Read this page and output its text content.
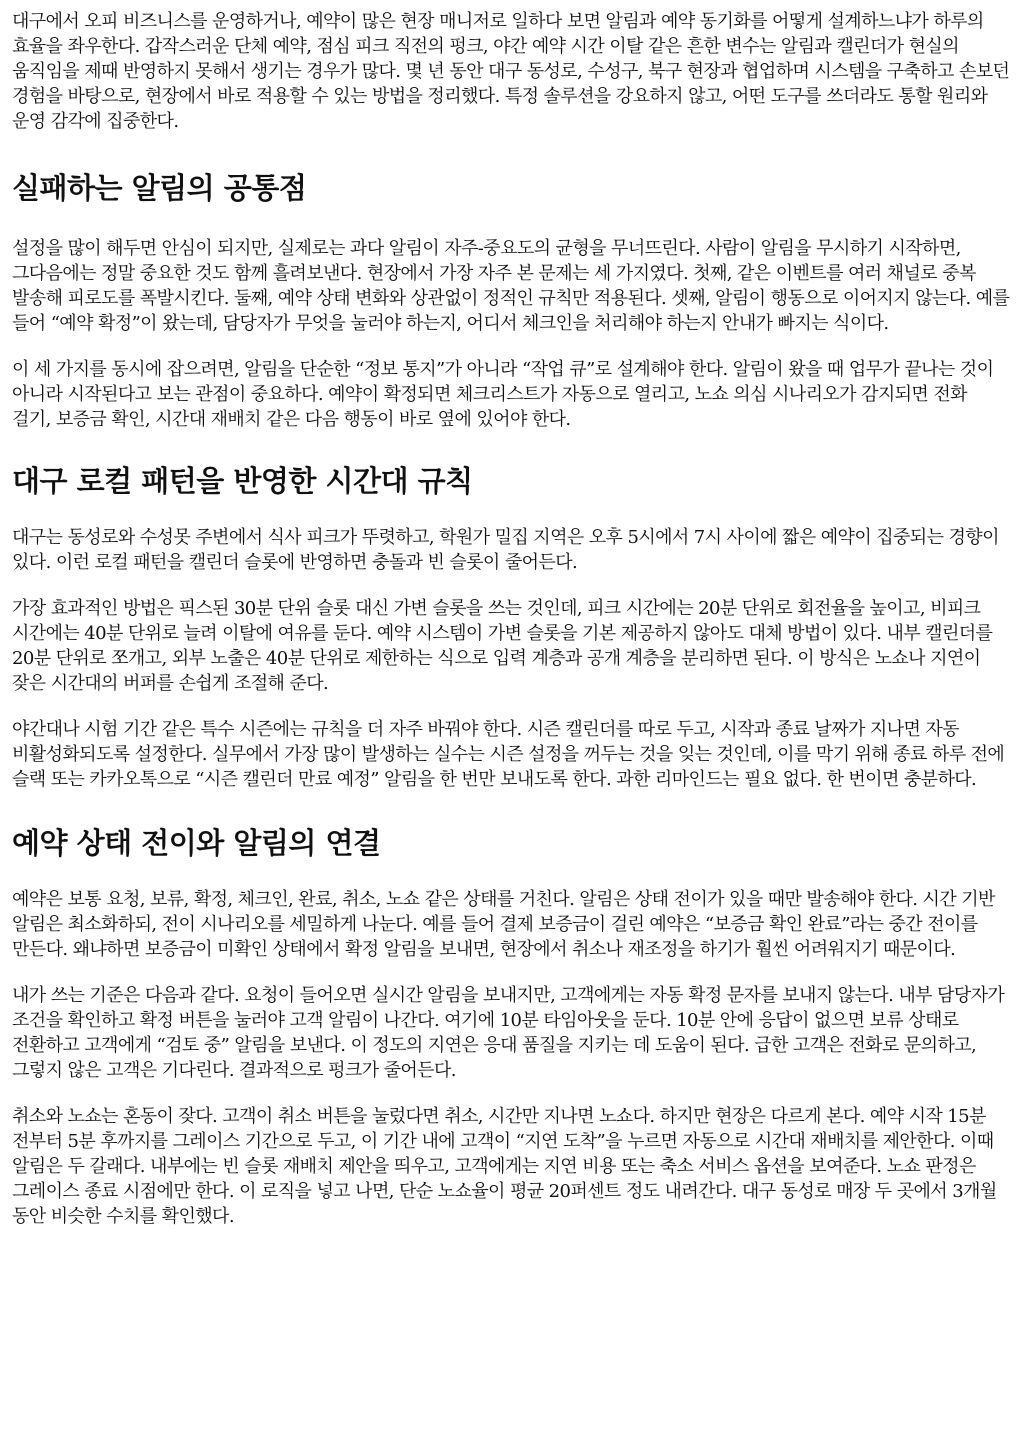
대구에서 오피 비즈니스를 운영하거나, 예약이 많은 현장 매니저로 일하다 보면 알림과 예약 동기화를 어떻게 설계하느냐가 하루의 효율을 좌우한다. 갑작스러운 단체 예약, 점심 피크 직전의 펑크, 야간 예약 시간 이탈 같은 흔한 변수는 알림과 캘린더가 현실의 움직임을 제때 반영하지 못해서 생기는 경우가 많다. 몇 년 동안 대구 동성로, 수성구, 북구 현장과 협업하며 시스템을 구축하고 손보던 경험을 바탕으로, 현장에서 바로 적용할 수 있는 방법을 정리했다. 특정 솔루션을 강요하지 않고, 어떤 도구를 쓰더라도 통할 원리와 운영 감각에 집중한다.

실패하는 알림의 공통점

설정을 많이 해두면 안심이 되지만, 실제로는 과다 알림이 자주-중요도의 균형을 무너뜨린다. 사람이 알림을 무시하기 시작하면, 그다음에는 정말 중요한 것도 함께 흘려보낸다. 현장에서 가장 자주 본 문제는 세 가지였다. 첫째, 같은 이벤트를 여러 채널로 중복 발송해 피로도를 폭발시킨다. 둘째, 예약 상태 변화와 상관없이 정적인 규칙만 적용된다. 셋째, 알림이 행동으로 이어지지 않는다. 예를 들어 “예약 확정”이 왔는데, 담당자가 무엇을 눌러야 하는지, 어디서 체크인을 처리해야 하는지 안내가 빠지는 식이다.

이 세 가지를 동시에 잡으려면, 알림을 단순한 “정보 통지”가 아니라 “작업 큐”로 설계해야 한다. 알림이 왔을 때 업무가 끝나는 것이 아니라 시작된다고 보는 관점이 중요하다. 예약이 확정되면 체크리스트가 자동으로 열리고, 노쇼 의심 시나리오가 감지되면 전화 걸기, 보증금 확인, 시간대 재배치 같은 다음 행동이 바로 옆에 있어야 한다.

대구 로컬 패턴을 반영한 시간대 규칙

대구는 동성로와 수성못 주변에서 식사 피크가 뚜렷하고, 학원가 밀집 지역은 오후 5시에서 7시 사이에 짧은 예약이 집중되는 경향이 있다. 이런 로컬 패턴을 캘린더 슬롯에 반영하면 충돌과 빈 슬롯이 줄어든다.

가장 효과적인 방법은 픽스된 30분 단위 슬롯 대신 가변 슬롯을 쓰는 것인데, 피크 시간에는 20분 단위로 회전율을 높이고, 비피크 시간에는 40분 단위로 늘려 이탈에 여유를 둔다. 예약 시스템이 가변 슬롯을 기본 제공하지 않아도 대체 방법이 있다. 내부 캘린더를 20분 단위로 쪼개고, 외부 노출은 40분 단위로 제한하는 식으로 입력 계층과 공개 계층을 분리하면 된다. 이 방식은 노쇼나 지연이 잦은 시간대의 버퍼를 손쉽게 조절해 준다.

야간대나 시험 기간 같은 특수 시즌에는 규칙을 더 자주 바꿔야 한다. 시즌 캘린더를 따로 두고, 시작과 종료 날짜가 지나면 자동 비활성화되도록 설정한다. 실무에서 가장 많이 발생하는 실수는 시즌 설정을 꺼두는 것을 잊는 것인데, 이를 막기 위해 종료 하루 전에 슬랙 또는 카카오톡으로 “시즌 캘린더 만료 예정” 알림을 한 번만 보내도록 한다. 과한 리마인드는 필요 없다. 한 번이면 충분하다.

예약 상태 전이와 알림의 연결

예약은 보통 요청, 보류, 확정, 체크인, 완료, 취소, 노쇼 같은 상태를 거친다. 알림은 상태 전이가 있을 때만 발송해야 한다. 시간 기반 알림은 최소화하되, 전이 시나리오를 세밀하게 나눈다. 예를 들어 결제 보증금이 걸린 예약은 “보증금 확인 완료”라는 중간 전이를 만든다. 왜냐하면 보증금이 미확인 상태에서 확정 알림을 보내면, 현장에서 취소나 재조정을 하기가 훨씬 어려워지기 때문이다.

내가 쓰는 기준은 다음과 같다. 요청이 들어오면 실시간 알림을 보내지만, 고객에게는 자동 확정 문자를 보내지 않는다. 내부 담당자가 조건을 확인하고 확정 버튼을 눌러야 고객 알림이 나간다. 여기에 10분 타임아웃을 둔다. 10분 안에 응답이 없으면 보류 상태로 전환하고 고객에게 “검토 중” 알림을 보낸다. 이 정도의 지연은 응대 품질을 지키는 데 도움이 된다. 급한 고객은 전화로 문의하고, 그렇지 않은 고객은 기다린다. 결과적으로 펑크가 줄어든다.

취소와 노쇼는 혼동이 잦다. 고객이 취소 버튼을 눌렀다면 취소, 시간만 지나면 노쇼다. 하지만 현장은 다르게 본다. 예약 시작 15분 전부터 5분 후까지를 그레이스 기간으로 두고, 이 기간 내에 고객이 “지연 도착”을 누르면 자동으로 시간대 재배치를 제안한다. 이때 알림은 두 갈래다. 내부에는 빈 슬롯 재배치 제안을 띄우고, 고객에게는 지연 비용 또는 축소 서비스 옵션을 보여준다. 노쇼 판정은 그레이스 종료 시점에만 한다. 이 로직을 넣고 나면, 단순 노쇼율이 평균 20퍼센트 정도 내려간다. 대구 동성로 매장 두 곳에서 3개월 동안 비슷한 수치를 확인했다.
